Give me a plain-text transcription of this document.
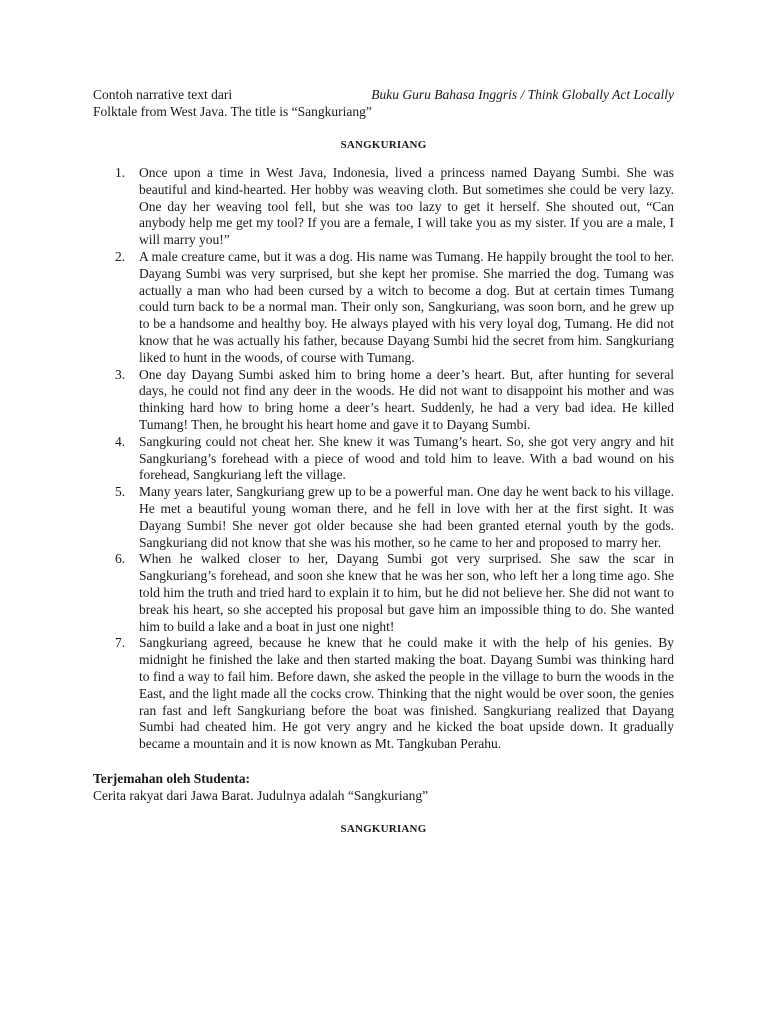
Contoh narrative text dari	Buku Guru Bahasa Inggris / Think Globally Act Locally
Folktale from West Java. The title is “Sangkuriang”

SANGKURIANG
1. Once upon a time in West Java, Indonesia, lived a princess named Dayang Sumbi. She was beautiful and kind-hearted. Her hobby was weaving cloth. But sometimes she could be very lazy. One day her weaving tool fell, but she was too lazy to get it herself. She shouted out, “Can anybody help me get my tool? If you are a female, I will take you as my sister. If you are a male, I will marry you!”
2. A male creature came, but it was a dog. His name was Tumang. He happily brought the tool to her. Dayang Sumbi was very surprised, but she kept her promise. She married the dog. Tumang was actually a man who had been cursed by a witch to become a dog. But at certain times Tumang could turn back to be a normal man. Their only son, Sangkuriang, was soon born, and he grew up to be a handsome and healthy boy. He always played with his very loyal dog, Tumang. He did not know that he was actually his father, because Dayang Sumbi hid the secret from him. Sangkuriang liked to hunt in the woods, of course with Tumang.
3. One day Dayang Sumbi asked him to bring home a deer’s heart. But, after hunting for several days, he could not find any deer in the woods. He did not want to disappoint his mother and was thinking hard how to bring home a deer’s heart. Suddenly, he had a very bad idea. He killed Tumang! Then, he brought his heart home and gave it to Dayang Sumbi.
4. Sangkuring could not cheat her. She knew it was Tumang’s heart. So, she got very angry and hit Sangkuriang’s forehead with a piece of wood and told him to leave. With a bad wound on his forehead, Sangkuriang left the village.
5. Many years later, Sangkuriang grew up to be a powerful man. One day he went back to his village. He met a beautiful young woman there, and he fell in love with her at the first sight. It was Dayang Sumbi! She never got older because she had been granted eternal youth by the gods. Sangkuriang did not know that she was his mother, so he came to her and proposed to marry her.
6. When he walked closer to her, Dayang Sumbi got very surprised. She saw the scar in Sangkuriang’s forehead, and soon she knew that he was her son, who left her a long time ago. She told him the truth and tried hard to explain it to him, but he did not believe her. She did not want to break his heart, so she accepted his proposal but gave him an impossible thing to do. She wanted him to build a lake and a boat in just one night!
7. Sangkuriang agreed, because he knew that he could make it with the help of his genies. By midnight he finished the lake and then started making the boat. Dayang Sumbi was thinking hard to find a way to fail him. Before dawn, she asked the people in the village to burn the woods in the East, and the light made all the cocks crow. Thinking that the night would be over soon, the genies ran fast and left Sangkuriang before the boat was finished. Sangkuriang realized that Dayang Sumbi had cheated him. He got very angry and he kicked the boat upside down. It gradually became a mountain and it is now known as Mt. Tangkuban Perahu.

Terjemahan oleh Studenta:

Cerita rakyat dari Jawa Barat. Judulnya adalah “Sangkuriang”

SANGKURIANG
